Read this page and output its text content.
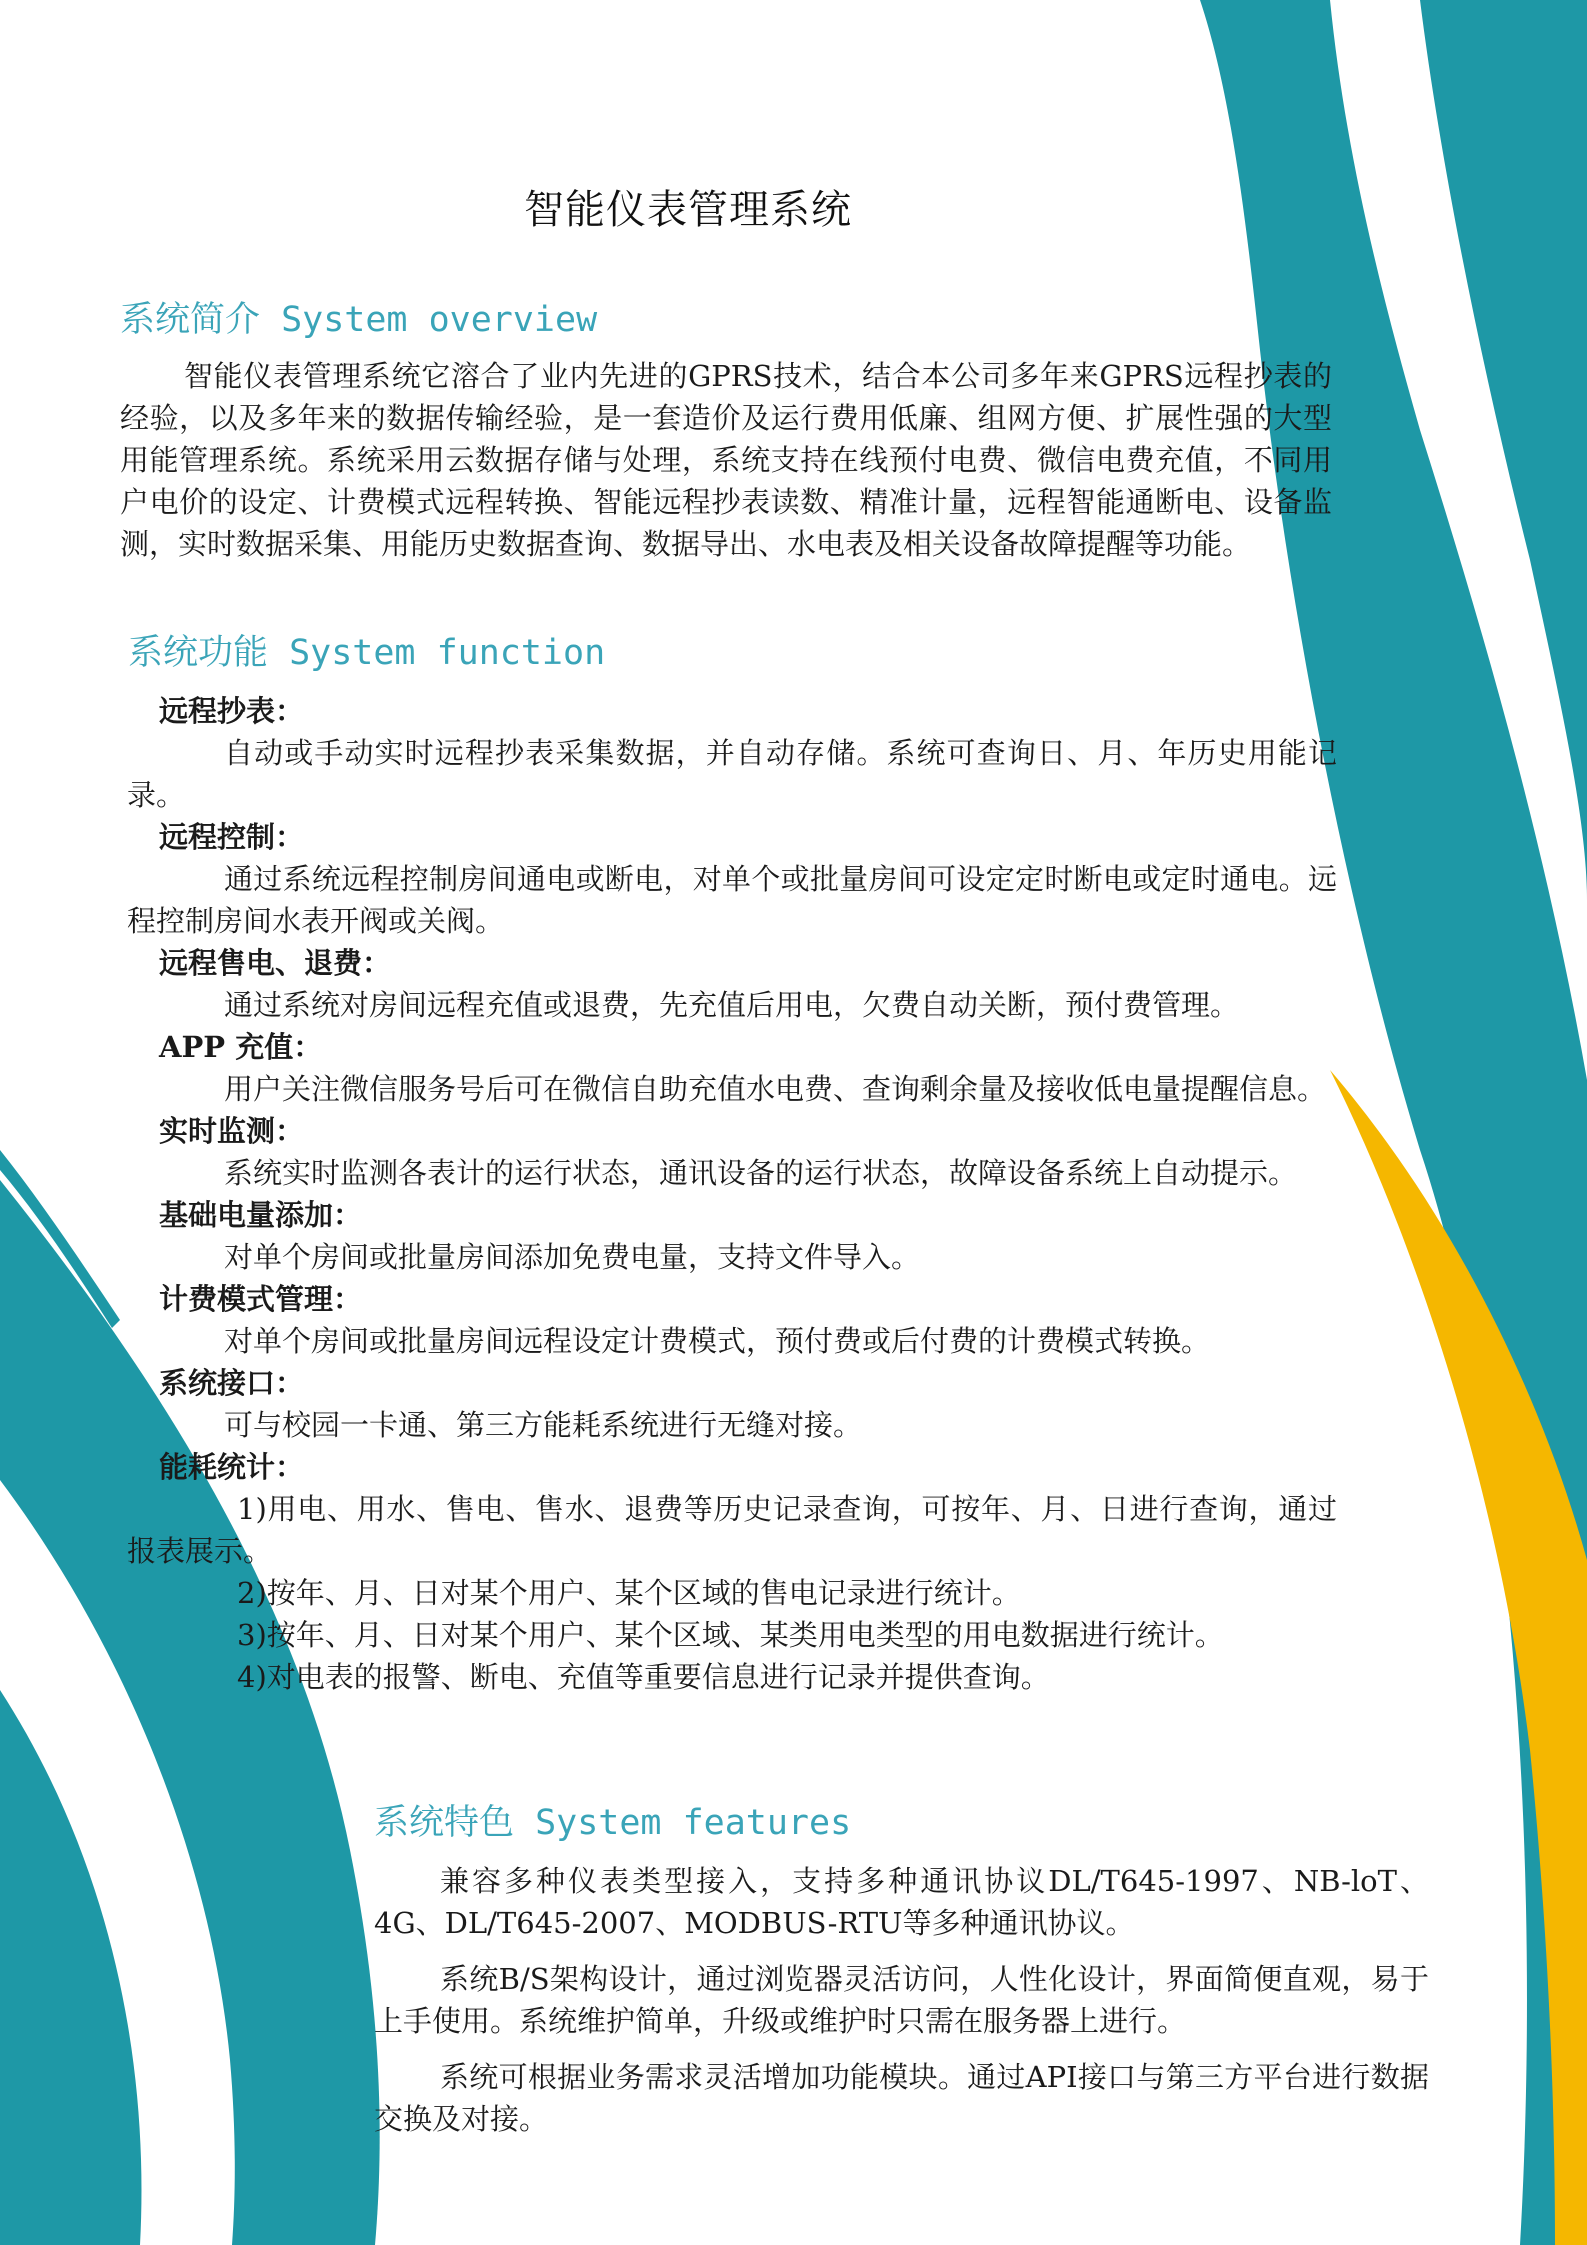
智能仪表管理系统
系统简介 System overview

智能仪表管理系统它溶合了业内先进的GPRS技术，结合本公司多年来GPRS远程抄表的经验，以及多年来的数据传输经验，是一套造价及运行费用低廉、组网方便、扩展性强的大型用能管理系统。系统采用云数据存储与处理，系统支持在线预付电费、微信电费充值，不同用户电价的设定、计费模式远程转换、智能远程抄表读数、精准计量，远程智能通断电、设备监测，实时数据采集、用能历史数据查询、数据导出、水电表及相关设备故障提醒等功能。

系统功能 System function

远程抄表：

自动或手动实时远程抄表采集数据，并自动存储。系统可查询日、月、年历史用能记录。

远程控制：

通过系统远程控制房间通电或断电，对单个或批量房间可设定定时断电或定时通电。远程控制房间水表开阀或关阀。

远程售电、退费：

通过系统对房间远程充值或退费，先充值后用电，欠费自动关断，预付费管理。

APP 充值：

用户关注微信服务号后可在微信自助充值水电费、查询剩余量及接收低电量提醒信息。

实时监测：

系统实时监测各表计的运行状态，通讯设备的运行状态，故障设备系统上自动提示。

基础电量添加：

对单个房间或批量房间添加免费电量，支持文件导入。

计费模式管理：

对单个房间或批量房间远程设定计费模式，预付费或后付费的计费模式转换。

系统接口：

可与校园一卡通、第三方能耗系统进行无缝对接。

能耗统计：

1)用电、用水、售电、售水、退费等历史记录查询，可按年、月、日进行查询，通过报表展示。

2)按年、月、日对某个用户、某个区域的售电记录进行统计。

3)按年、月、日对某个用户、某个区域、某类用电类型的用电数据进行统计。

4)对电表的报警、断电、充值等重要信息进行记录并提供查询。

系统特色 System features

兼容多种仪表类型接入，支持多种通讯协议DL/T645-1997、NB-loT、4G、DL/T645-2007、MODBUS-RTU等多种通讯协议。

系统B/S架构设计，通过浏览器灵活访问，人性化设计，界面简便直观，易于上手使用。系统维护简单，升级或维护时只需在服务器上进行。

系统可根据业务需求灵活增加功能模块。通过API接口与第三方平台进行数据交换及对接。
